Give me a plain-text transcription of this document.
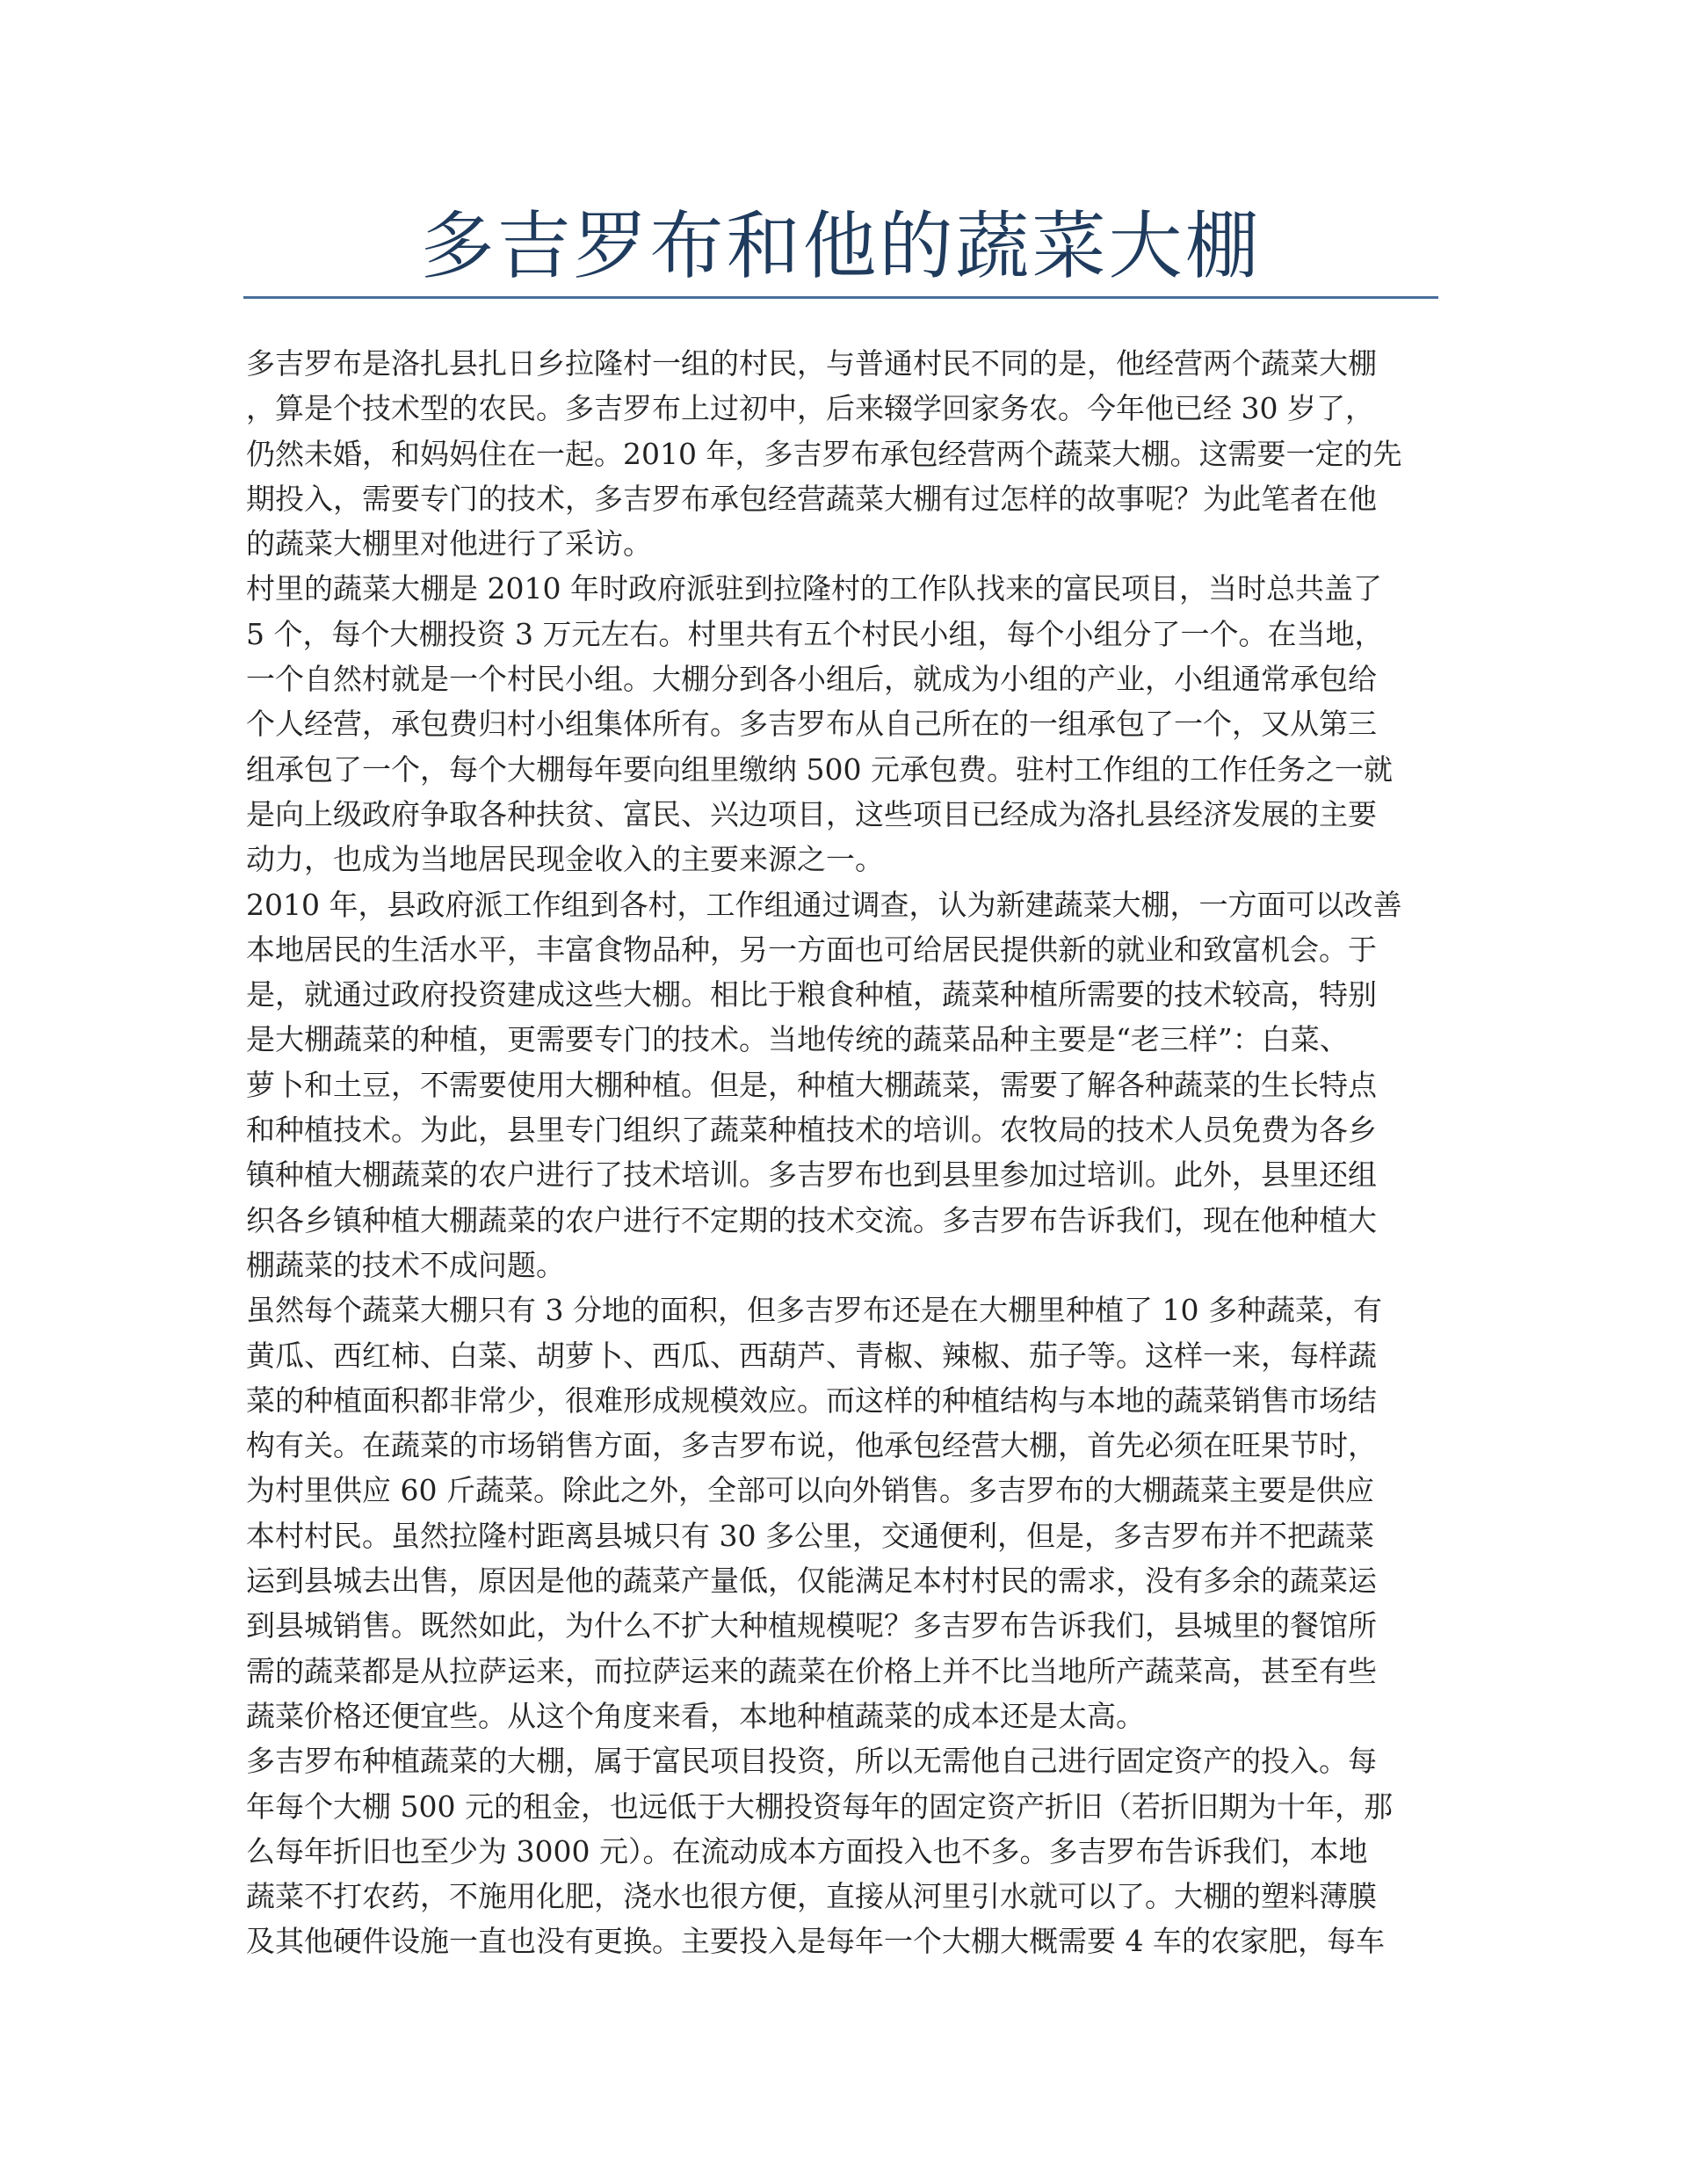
多吉罗布和他的蔬菜大棚

多吉罗布是洛扎县扎日乡拉隆村一组的村民，与普通村民不同的是，他经营两个蔬菜大棚
，算是个技术型的农民。多吉罗布上过初中，后来辍学回家务农。今年他已经 30 岁了，
仍然未婚，和妈妈住在一起。2010 年，多吉罗布承包经营两个蔬菜大棚。这需要一定的先
期投入，需要专门的技术，多吉罗布承包经营蔬菜大棚有过怎样的故事呢？为此笔者在他
的蔬菜大棚里对他进行了采访。

村里的蔬菜大棚是 2010 年时政府派驻到拉隆村的工作队找来的富民项目，当时总共盖了
5 个，每个大棚投资 3 万元左右。村里共有五个村民小组，每个小组分了一个。在当地，
一个自然村就是一个村民小组。大棚分到各小组后，就成为小组的产业，小组通常承包给
个人经营，承包费归村小组集体所有。多吉罗布从自己所在的一组承包了一个，又从第三
组承包了一个，每个大棚每年要向组里缴纳 500 元承包费。驻村工作组的工作任务之一就
是向上级政府争取各种扶贫、富民、兴边项目，这些项目已经成为洛扎县经济发展的主要
动力，也成为当地居民现金收入的主要来源之一。

2010 年，县政府派工作组到各村，工作组通过调查，认为新建蔬菜大棚，一方面可以改善
本地居民的生活水平，丰富食物品种，另一方面也可给居民提供新的就业和致富机会。于
是，就通过政府投资建成这些大棚。相比于粮食种植，蔬菜种植所需要的技术较高，特别
是大棚蔬菜的种植，更需要专门的技术。当地传统的蔬菜品种主要是“老三样”：白菜、
萝卜和土豆，不需要使用大棚种植。但是，种植大棚蔬菜，需要了解各种蔬菜的生长特点
和种植技术。为此，县里专门组织了蔬菜种植技术的培训。农牧局的技术人员免费为各乡
镇种植大棚蔬菜的农户进行了技术培训。多吉罗布也到县里参加过培训。此外，县里还组
织各乡镇种植大棚蔬菜的农户进行不定期的技术交流。多吉罗布告诉我们，现在他种植大
棚蔬菜的技术不成问题。

虽然每个蔬菜大棚只有 3 分地的面积，但多吉罗布还是在大棚里种植了 10 多种蔬菜，有
黄瓜、西红柿、白菜、胡萝卜、西瓜、西葫芦、青椒、辣椒、茄子等。这样一来，每样蔬
菜的种植面积都非常少，很难形成规模效应。而这样的种植结构与本地的蔬菜销售市场结
构有关。在蔬菜的市场销售方面，多吉罗布说，他承包经营大棚，首先必须在旺果节时，
为村里供应 60 斤蔬菜。除此之外，全部可以向外销售。多吉罗布的大棚蔬菜主要是供应
本村村民。虽然拉隆村距离县城只有 30 多公里，交通便利，但是，多吉罗布并不把蔬菜
运到县城去出售，原因是他的蔬菜产量低，仅能满足本村村民的需求，没有多余的蔬菜运
到县城销售。既然如此，为什么不扩大种植规模呢？多吉罗布告诉我们，县城里的餐馆所
需的蔬菜都是从拉萨运来，而拉萨运来的蔬菜在价格上并不比当地所产蔬菜高，甚至有些
蔬菜价格还便宜些。从这个角度来看，本地种植蔬菜的成本还是太高。

多吉罗布种植蔬菜的大棚，属于富民项目投资，所以无需他自己进行固定资产的投入。每
年每个大棚 500 元的租金，也远低于大棚投资每年的固定资产折旧（若折旧期为十年，那
么每年折旧也至少为 3000 元）。在流动成本方面投入也不多。多吉罗布告诉我们，本地
蔬菜不打农药，不施用化肥，浇水也很方便，直接从河里引水就可以了。大棚的塑料薄膜
及其他硬件设施一直也没有更换。主要投入是每年一个大棚大概需要 4 车的农家肥，每车
